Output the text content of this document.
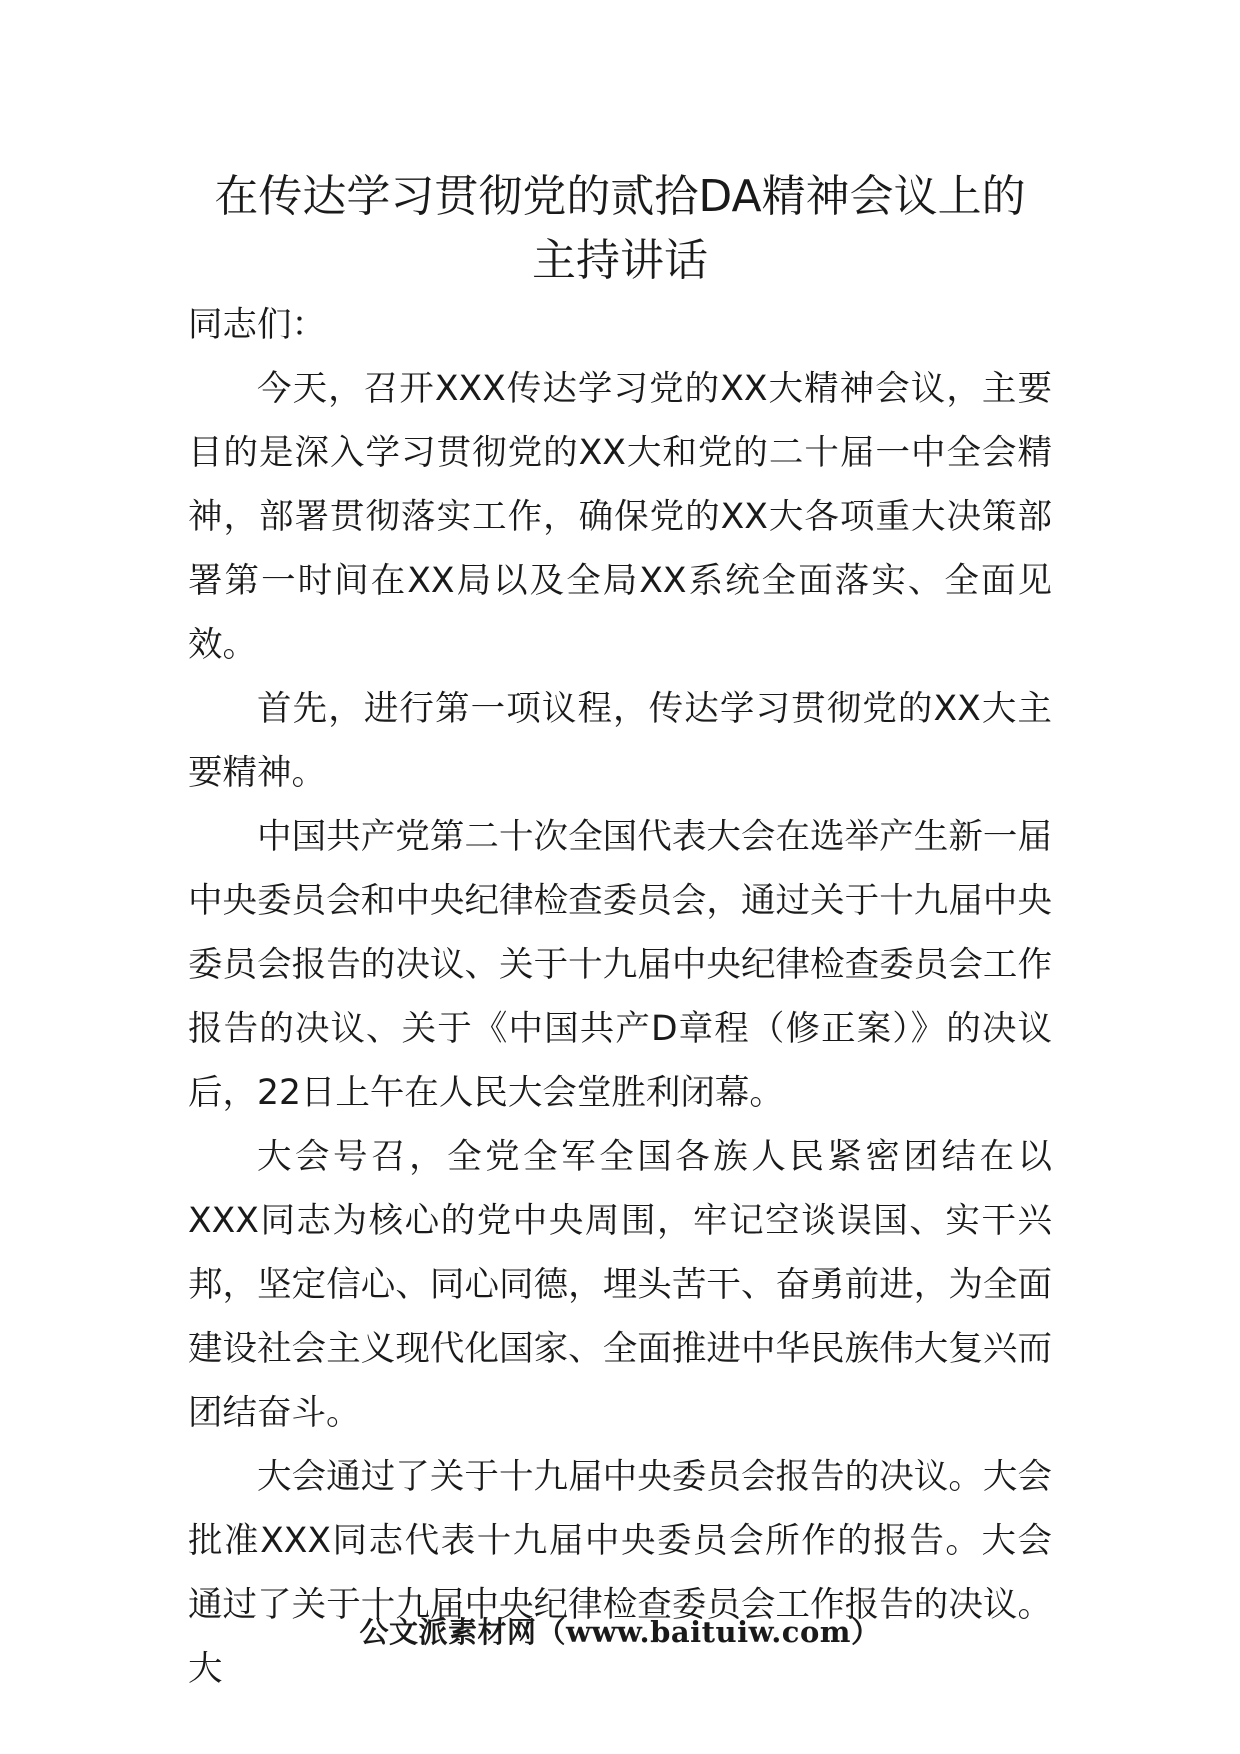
在传达学习贯彻党的贰拾DA精神会议上的
主持讲话

同志们：

今天，召开XXX传达学习党的XX大精神会议，主要目的是深入学习贯彻党的XX大和党的二十届一中全会精神，部署贯彻落实工作，确保党的XX大各项重大决策部署第一时间在XX局以及全局XX系统全面落实、全面见效。

首先，进行第一项议程，传达学习贯彻党的XX大主要精神。

中国共产党第二十次全国代表大会在选举产生新一届中央委员会和中央纪律检查委员会，通过关于十九届中央委员会报告的决议、关于十九届中央纪律检查委员会工作报告的决议、关于《中国共产D章程（修正案）》的决议后，22日上午在人民大会堂胜利闭幕。

大会号召，全党全军全国各族人民紧密团结在以XXX同志为核心的党中央周围，牢记空谈误国、实干兴邦，坚定信心、同心同德，埋头苦干、奋勇前进，为全面建设社会主义现代化国家、全面推进中华民族伟大复兴而团结奋斗。

大会通过了关于十九届中央委员会报告的决议。大会批准XXX同志代表十九届中央委员会所作的报告。大会通过了关于十九届中央纪律检查委员会工作报告的决议。大

公文派素材网（www.baituiw.com）
